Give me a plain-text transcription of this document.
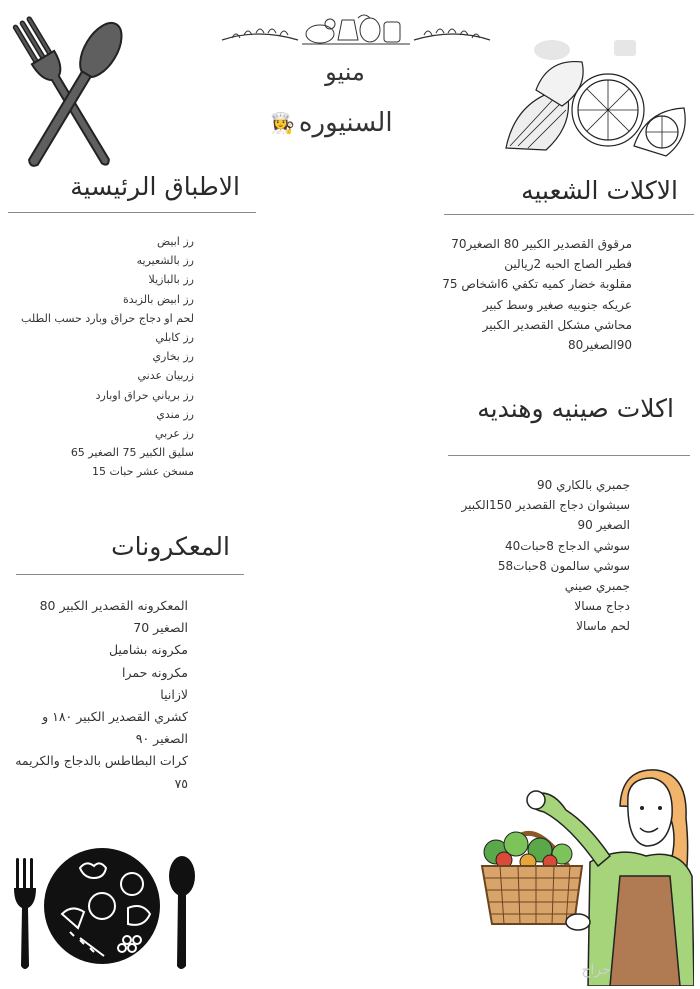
منيو
👩‍🍳 السنيوره
الاطباق الرئيسية
رز ابيض
رز بالشعيريه
رز بالبازيلا
رز ابيض بالزبدة
لحم او دجاج حراق وبارد حسب الطلب
رز كابلي
رز بخاري
زربيان عدني
رز برياني حراق اوبارد
رز مندي
رز عربي
سليق الكبير 75 الصغير 65
مسخن عشر حبات 15
المعكرونات
المعكرونه القصدير الكبير 80
الصغير 70
مكرونه بشاميل
مكرونه حمرا
لازانيا
كشري القصدير الكبير ١٨٠ و
الصغير ٩٠
كرات البطاطس بالدجاج والكريمه
٧٥
الاكلات الشعبيه
مرقوق القصدير الكبير 80 الصغير70
فطير الصاج الحبه 2ريالين
مقلوبة خضار كميه تكفي 6اشخاص 75
عريكه جنوبيه صغير وسط كبير
محاشي مشكل القصدير الكبير
90الصغير80
اكلات صينيه وهنديه
جمبري بالكاري 90
سيشوان دجاج القصدير 150الكبير
الصغير 90
سوشي الدجاج 8حبات40
سوشي سالمون 8حبات58
جمبري صيني
دجاج مسالا
لحم ماسالا
حراج
